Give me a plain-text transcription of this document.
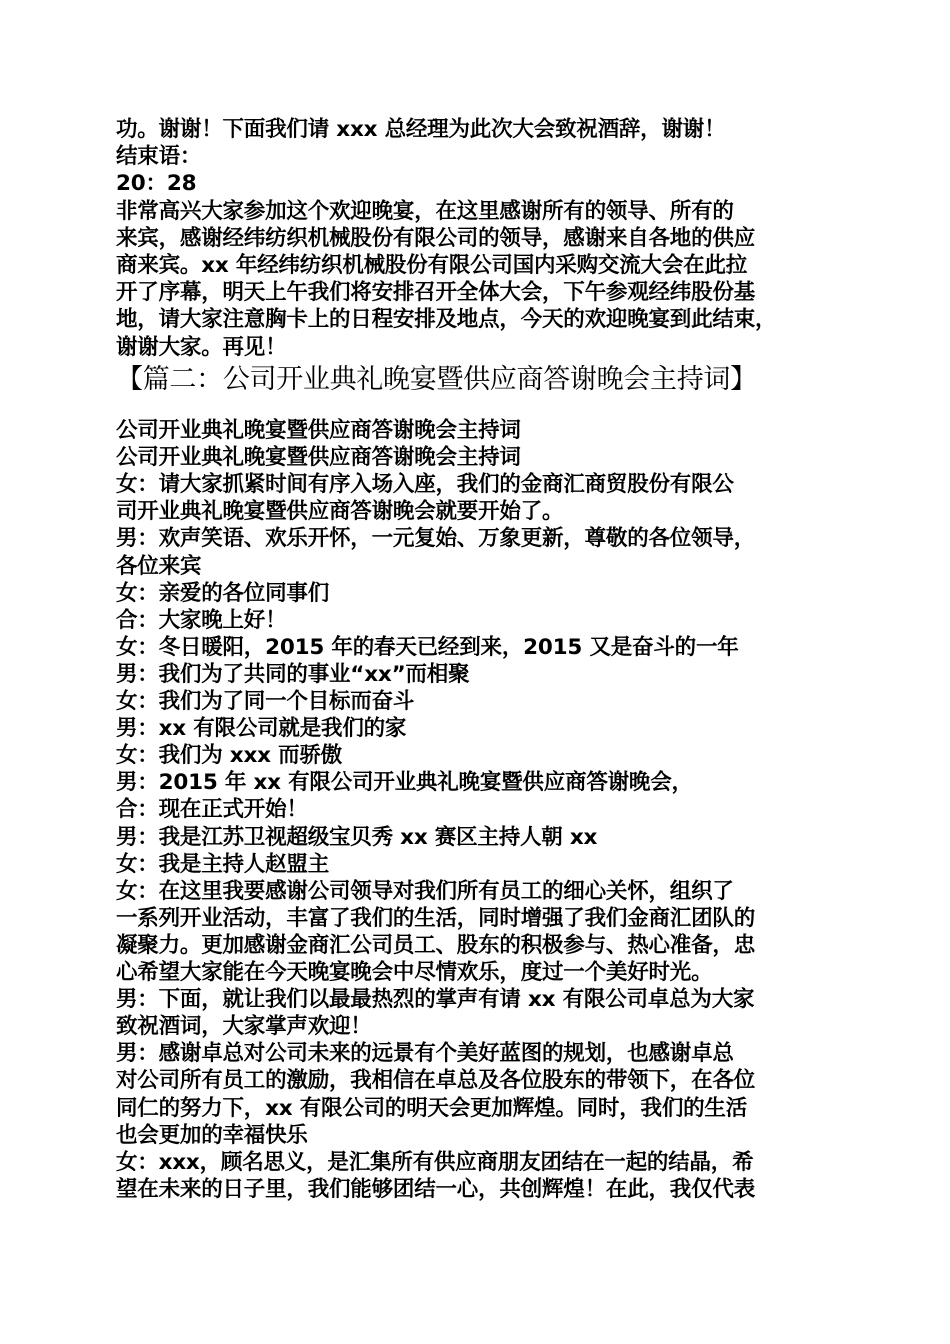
功。谢谢！下面我们请 xxx 总经理为此次大会致祝酒辞，谢谢！
结束语：
20：28
非常高兴大家参加这个欢迎晚宴，在这里感谢所有的领导、所有的
来宾，感谢经纬纺织机械股份有限公司的领导，感谢来自各地的供应
商来宾。xx 年经纬纺织机械股份有限公司国内采购交流大会在此拉
开了序幕，明天上午我们将安排召开全体大会，下午参观经纬股份基
地，请大家注意胸卡上的日程安排及地点，今天的欢迎晚宴到此结束，
谢谢大家。再见！
【篇二：公司开业典礼晚宴暨供应商答谢晚会主持词】
公司开业典礼晚宴暨供应商答谢晚会主持词
公司开业典礼晚宴暨供应商答谢晚会主持词
女：请大家抓紧时间有序入场入座，我们的金商汇商贸股份有限公
司开业典礼晚宴暨供应商答谢晚会就要开始了。
男：欢声笑语、欢乐开怀，一元复始、万象更新，尊敬的各位领导，
各位来宾
女：亲爱的各位同事们
合：大家晚上好！
女：冬日暖阳，2015 年的春天已经到来，2015 又是奋斗的一年
男：我们为了共同的事业“xx”而相聚
女：我们为了同一个目标而奋斗
男：xx 有限公司就是我们的家
女：我们为 xxx 而骄傲
男：2015 年 xx 有限公司开业典礼晚宴暨供应商答谢晚会，
合：现在正式开始！
男：我是江苏卫视超级宝贝秀 xx 赛区主持人朝 xx
女：我是主持人赵盟主
女：在这里我要感谢公司领导对我们所有员工的细心关怀，组织了
一系列开业活动，丰富了我们的生活，同时增强了我们金商汇团队的
凝聚力。更加感谢金商汇公司员工、股东的积极参与、热心准备，忠
心希望大家能在今天晚宴晚会中尽情欢乐，度过一个美好时光。
男：下面，就让我们以最最热烈的掌声有请 xx 有限公司卓总为大家
致祝酒词，大家掌声欢迎！
男：感谢卓总对公司未来的远景有个美好蓝图的规划，也感谢卓总
对公司所有员工的激励，我相信在卓总及各位股东的带领下，在各位
同仁的努力下，xx 有限公司的明天会更加辉煌。同时，我们的生活
也会更加的幸福快乐
女：xxx，顾名思义，是汇集所有供应商朋友团结在一起的结晶，希
望在未来的日子里，我们能够团结一心，共创辉煌！在此，我仅代表
